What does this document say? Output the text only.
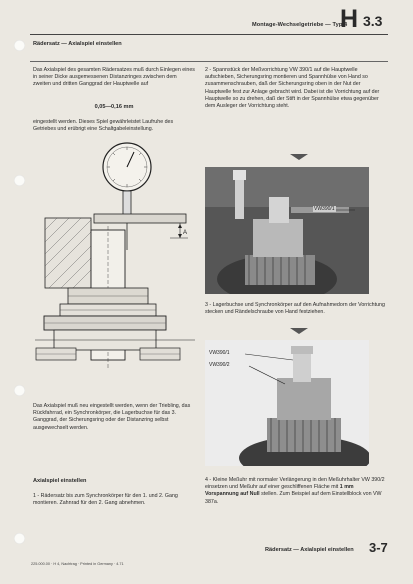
Montage-Wechselgetriebe — Typ 4
H 3.3
Rädersatz — Axialspiel einstellen
Das Axialspiel des gesamten Rädersatzes muß durch Einlegen eines in seiner Dicke ausgemessenen Distanzringes zwischen dem zweiten und dritten Ganggrad der Hauptwelle auf
0,05—0,16 mm
eingestellt werden. Dieses Spiel gewährleistet Laufruhe des Getriebes und erübrigt eine Schaltgabeleinstellung.
2 - Spannstück der Meßvorrichtung VW 390/1 auf die Hauptwelle aufschieben, Sicherungsring montieren und Spannhülse von Hand so zusammenschrauben, daß der Sicherungsring oben in der Nut der Hauptwelle fest zur Anlage gebracht wird. Dabei ist die Vorrichtung auf der Hauptwelle so zu drehen, daß der Stift in der Spannhülse etwa gegenüber dem Ausleger der Vorrichtung steht.
A
VW390/1
3 - Lagerbuchse und Synchronkörper auf den Aufnahmedorn der Vorrichtung stecken und Rändelschraube von Hand festziehen.
VW390/1
VW390/2
Das Axialspiel muß neu eingestellt werden, wenn der Triebling, das Rückfahrrad, ein Synchronkörper, die Lagerbuchse für das 3. Ganggrad, der Sicherungsring oder der Distanzring selbst ausgewechselt werden.
Axialspiel einstellen
1 - Rädersatz bis zum Synchronkörper für den 1. und 2. Gang montieren. Zahnrad für den 2. Gang abnehmen.
4 - Kleine Meßuhr mit normaler Verlängerung in den Meßuhrhalter VW 390/2 einsetzen und Meßuhr auf einer geschliffenen Fläche mit 1 mm Vorspannung auf Null stellen. Zum Beispiel auf dem Einstellblock von VW 387a.
Rädersatz — Axialspiel einstellen 3-7
225.000.00 · H 4, Nachtrag · Printed in Germany · 4.71
